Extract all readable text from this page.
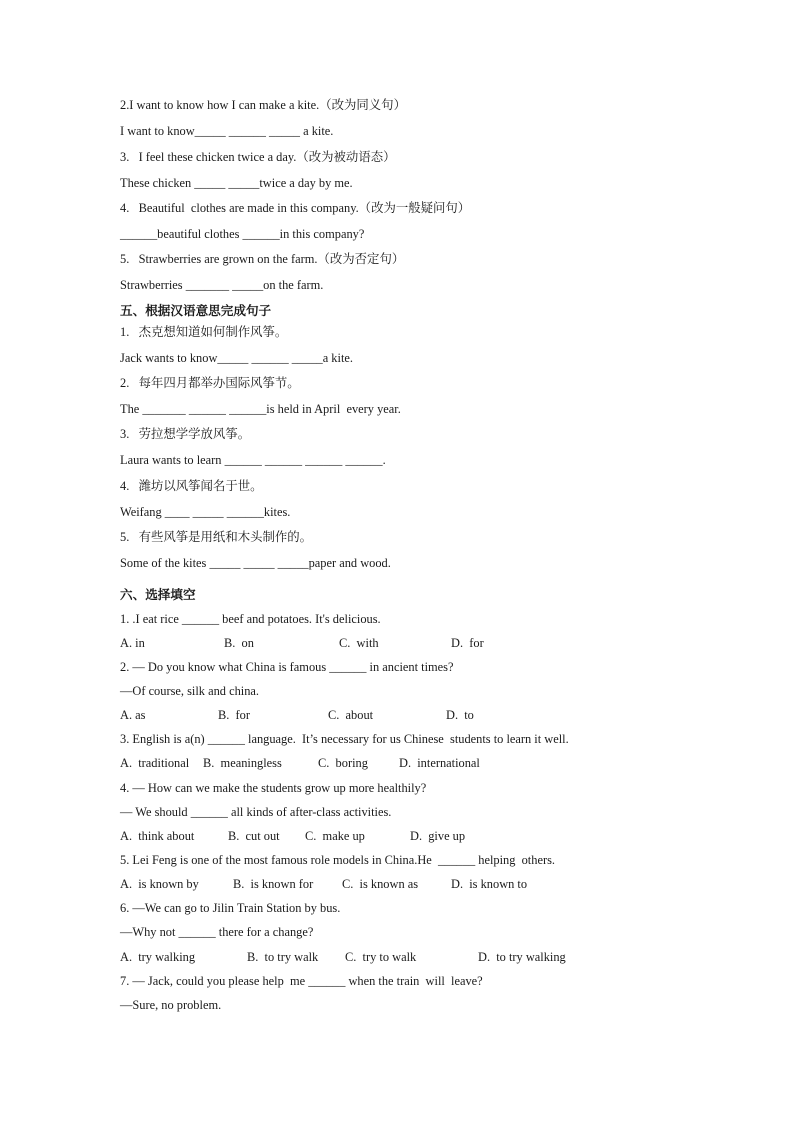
2.I want to know how I can make a kite.（改为同义句）
I want to know_____ ______ _____ a kite.
3.   I feel these chicken twice a day.（改为被动语态）
These chicken _____ _____twice a day by me.
4.   Beautiful  clothes are made in this company.（改为一般疑问句）
______beautiful clothes ______in this company?
5.   Strawberries are grown on the farm.（改为否定句）
Strawberries _______ _____on the farm.
五、根据汉语意思完成句子
1.   杰克想知道如何制作风筝。
Jack wants to know_____ ______ _____a kite.
2.   每年四月都举办国际风筝节。
The _______ ______ ______is held in April  every year.
3.   劳拉想学学放风筝。
Laura wants to learn ______ ______ ______ ______.
4.   潍坊以风筝闻名于世。
Weifang ____ _____ ______kites.
5.   有些风筝是用纸和木头制作的。
Some of the kites _____ _____ _____paper and wood.
六、选择填空
1. .I eat rice ______ beef and potatoes. It's delicious.
A. in	B.  on	C.  with	D.  for
2. — Do you know what China is famous ______ in ancient times?
—Of course, silk and china.
A. as	B.  for	C.  about	D.  to
3. English is a(n) ______ language.  It’s necessary for us Chinese  students to learn it well.
A.  traditional B.  meaningless	C.  boring	D.  international
4. — How can we make the students grow up more healthily?
— We should ______ all kinds of after-class activities.
A.  think about	B.  cut out C.  make up	D.  give up
5. Lei Feng is one of the most famous role models in China.He  ______ helping  others.
A.  is known by	B.  is known for C.  is known as	D.  is known to
6. —We can go to Jilin Train Station by bus.
—Why not ______ there for a change?
A.  try walking	B.  to try walk C.  try to walk	D.  to try walking
7. — Jack, could you please help  me ______ when the train  will  leave?
—Sure, no problem.
